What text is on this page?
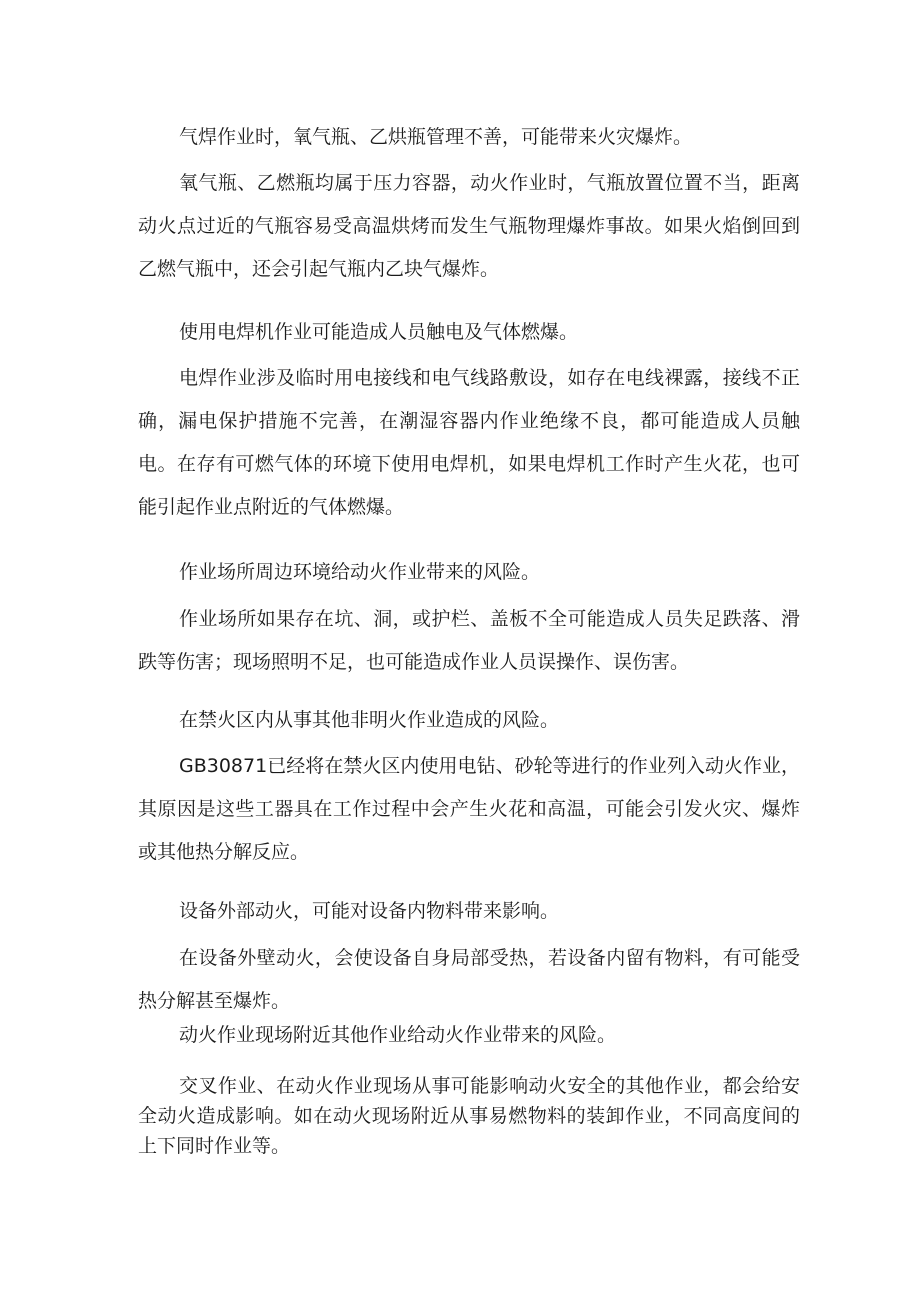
气焊作业时，氧气瓶、乙烘瓶管理不善，可能带来火灾爆炸。

氧气瓶、乙燃瓶均属于压力容器，动火作业时，气瓶放置位置不当，距离动火点过近的气瓶容易受高温烘烤而发生气瓶物理爆炸事故。如果火焰倒回到乙燃气瓶中，还会引起气瓶内乙块气爆炸。

使用电焊机作业可能造成人员触电及气体燃爆。

电焊作业涉及临时用电接线和电气线路敷设，如存在电线裸露，接线不正确，漏电保护措施不完善，在潮湿容器内作业绝缘不良，都可能造成人员触电。在存有可燃气体的环境下使用电焊机，如果电焊机工作时产生火花，也可能引起作业点附近的气体燃爆。

作业场所周边环境给动火作业带来的风险。

作业场所如果存在坑、洞，或护栏、盖板不全可能造成人员失足跌落、滑跌等伤害；现场照明不足，也可能造成作业人员误操作、误伤害。

在禁火区内从事其他非明火作业造成的风险。

GB30871已经将在禁火区内使用电钻、砂轮等进行的作业列入动火作业，其原因是这些工器具在工作过程中会产生火花和高温，可能会引发火灾、爆炸或其他热分解反应。

设备外部动火，可能对设备内物料带来影响。

在设备外壁动火，会使设备自身局部受热，若设备内留有物料，有可能受热分解甚至爆炸。

动火作业现场附近其他作业给动火作业带来的风险。

交叉作业、在动火作业现场从事可能影响动火安全的其他作业，都会给安全动火造成影响。如在动火现场附近从事易燃物料的装卸作业，不同高度间的上下同时作业等。
